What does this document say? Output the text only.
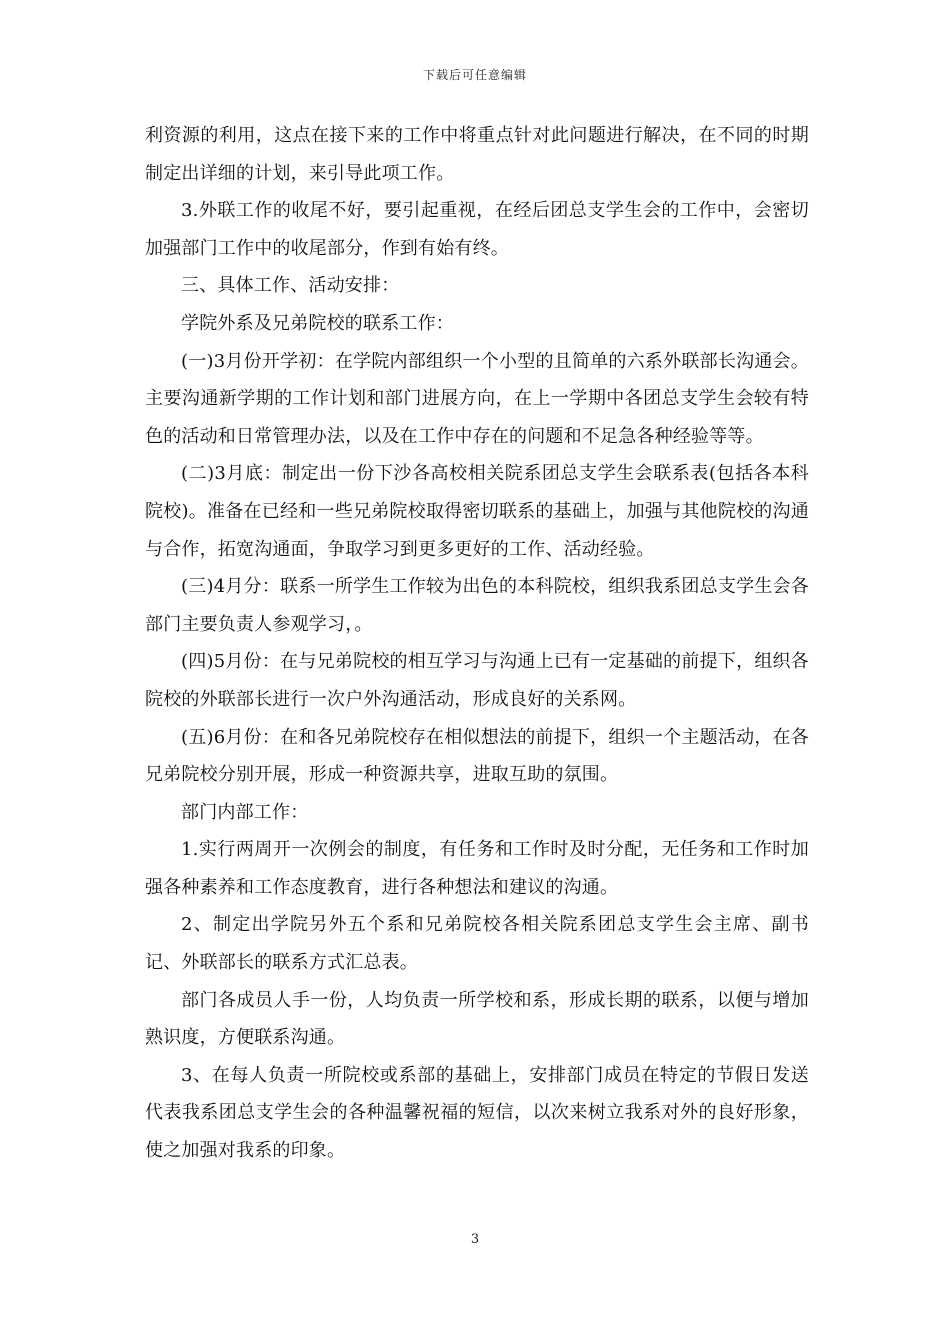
下载后可任意编辑

利资源的利用，这点在接下来的工作中将重点针对此问题进行解决，在不同的时期制定出详细的计划，来引导此项工作。

3.外联工作的收尾不好，要引起重视，在经后团总支学生会的工作中，会密切加强部门工作中的收尾部分，作到有始有终。

三、具体工作、活动安排：

学院外系及兄弟院校的联系工作：

(一)3月份开学初：在学院内部组织一个小型的且简单的六系外联部长沟通会。主要沟通新学期的工作计划和部门进展方向，在上一学期中各团总支学生会较有特色的活动和日常管理办法，以及在工作中存在的问题和不足急各种经验等等。

(二)3月底：制定出一份下沙各高校相关院系团总支学生会联系表(包括各本科院校)。准备在已经和一些兄弟院校取得密切联系的基础上，加强与其他院校的沟通与合作，拓宽沟通面，争取学习到更多更好的工作、活动经验。

(三)4月分：联系一所学生工作较为出色的本科院校，组织我系团总支学生会各部门主要负责人参观学习，。

(四)5月份：在与兄弟院校的相互学习与沟通上已有一定基础的前提下，组织各院校的外联部长进行一次户外沟通活动，形成良好的关系网。

(五)6月份：在和各兄弟院校存在相似想法的前提下，组织一个主题活动，在各兄弟院校分别开展，形成一种资源共享，进取互助的氛围。

部门内部工作：

1.实行两周开一次例会的制度，有任务和工作时及时分配，无任务和工作时加强各种素养和工作态度教育，进行各种想法和建议的沟通。

2、制定出学院另外五个系和兄弟院校各相关院系团总支学生会主席、副书记、外联部长的联系方式汇总表。

部门各成员人手一份，人均负责一所学校和系，形成长期的联系，以便与增加熟识度，方便联系沟通。

3、在每人负责一所院校或系部的基础上，安排部门成员在特定的节假日发送代表我系团总支学生会的各种温馨祝福的短信，以次来树立我系对外的良好形象，使之加强对我系的印象。

3
